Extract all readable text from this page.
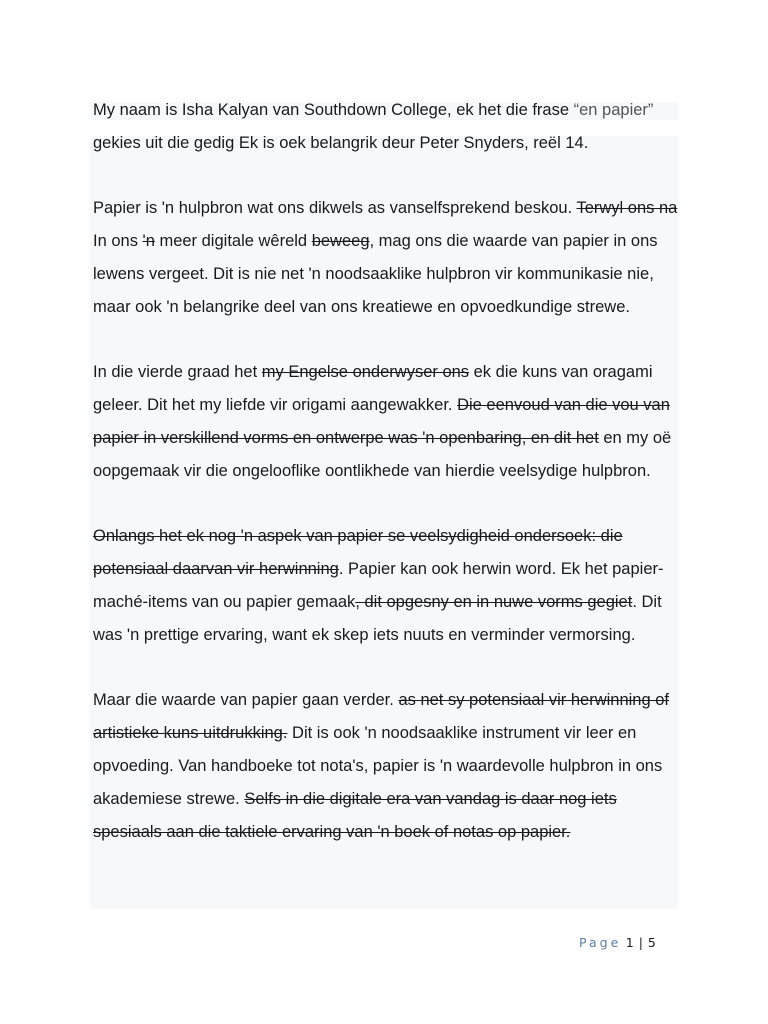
My naam is Isha Kalyan van Southdown College, ek het die frase “en papier” gekies uit die gedig Ek is oek belangrik deur Peter Snyders, reël 14.

Papier is 'n hulpbron wat ons dikwels as vanselfsprekend beskou. Terwyl ons na In ons 'n meer digitale wêreld beweeg, mag ons die waarde van papier in ons lewens vergeet. Dit is nie net 'n noodsaaklike hulpbron vir kommunikasie nie, maar ook 'n belangrike deel van ons kreatiewe en opvoedkundige strewe.

In die vierde graad het my Engelse onderwyser ons ek die kuns van oragami geleer. Dit het my liefde vir origami aangewakker. Die eenvoud van die vou van papier in verskillend vorms en ontwerpe was 'n openbaring, en dit het en my oë oopgemaak vir die ongelooflike oontlikhede van hierdie veelsydige hulpbron.

Onlangs het ek nog 'n aspek van papier se veelsydigheid ondersoek: die potensiaal daarvan vir herwinning. Papier kan ook herwin word. Ek het papier-maché-items van ou papier gemaak, dit opgesny en in nuwe vorms gegiet. Dit was 'n prettige ervaring, want ek skep iets nuuts en verminder vermorsing.

Maar die waarde van papier gaan verder. as net sy potensiaal vir herwinning of artistieke kuns uitdrukking. Dit is ook 'n noodsaaklike instrument vir leer en opvoeding. Van handboeke tot nota's, papier is 'n waardevolle hulpbron in ons akademiese strewe. Selfs in die digitale era van vandag is daar nog iets spesiaals aan die taktiele ervaring van 'n boek of notas op papier.

Page 1 | 5
